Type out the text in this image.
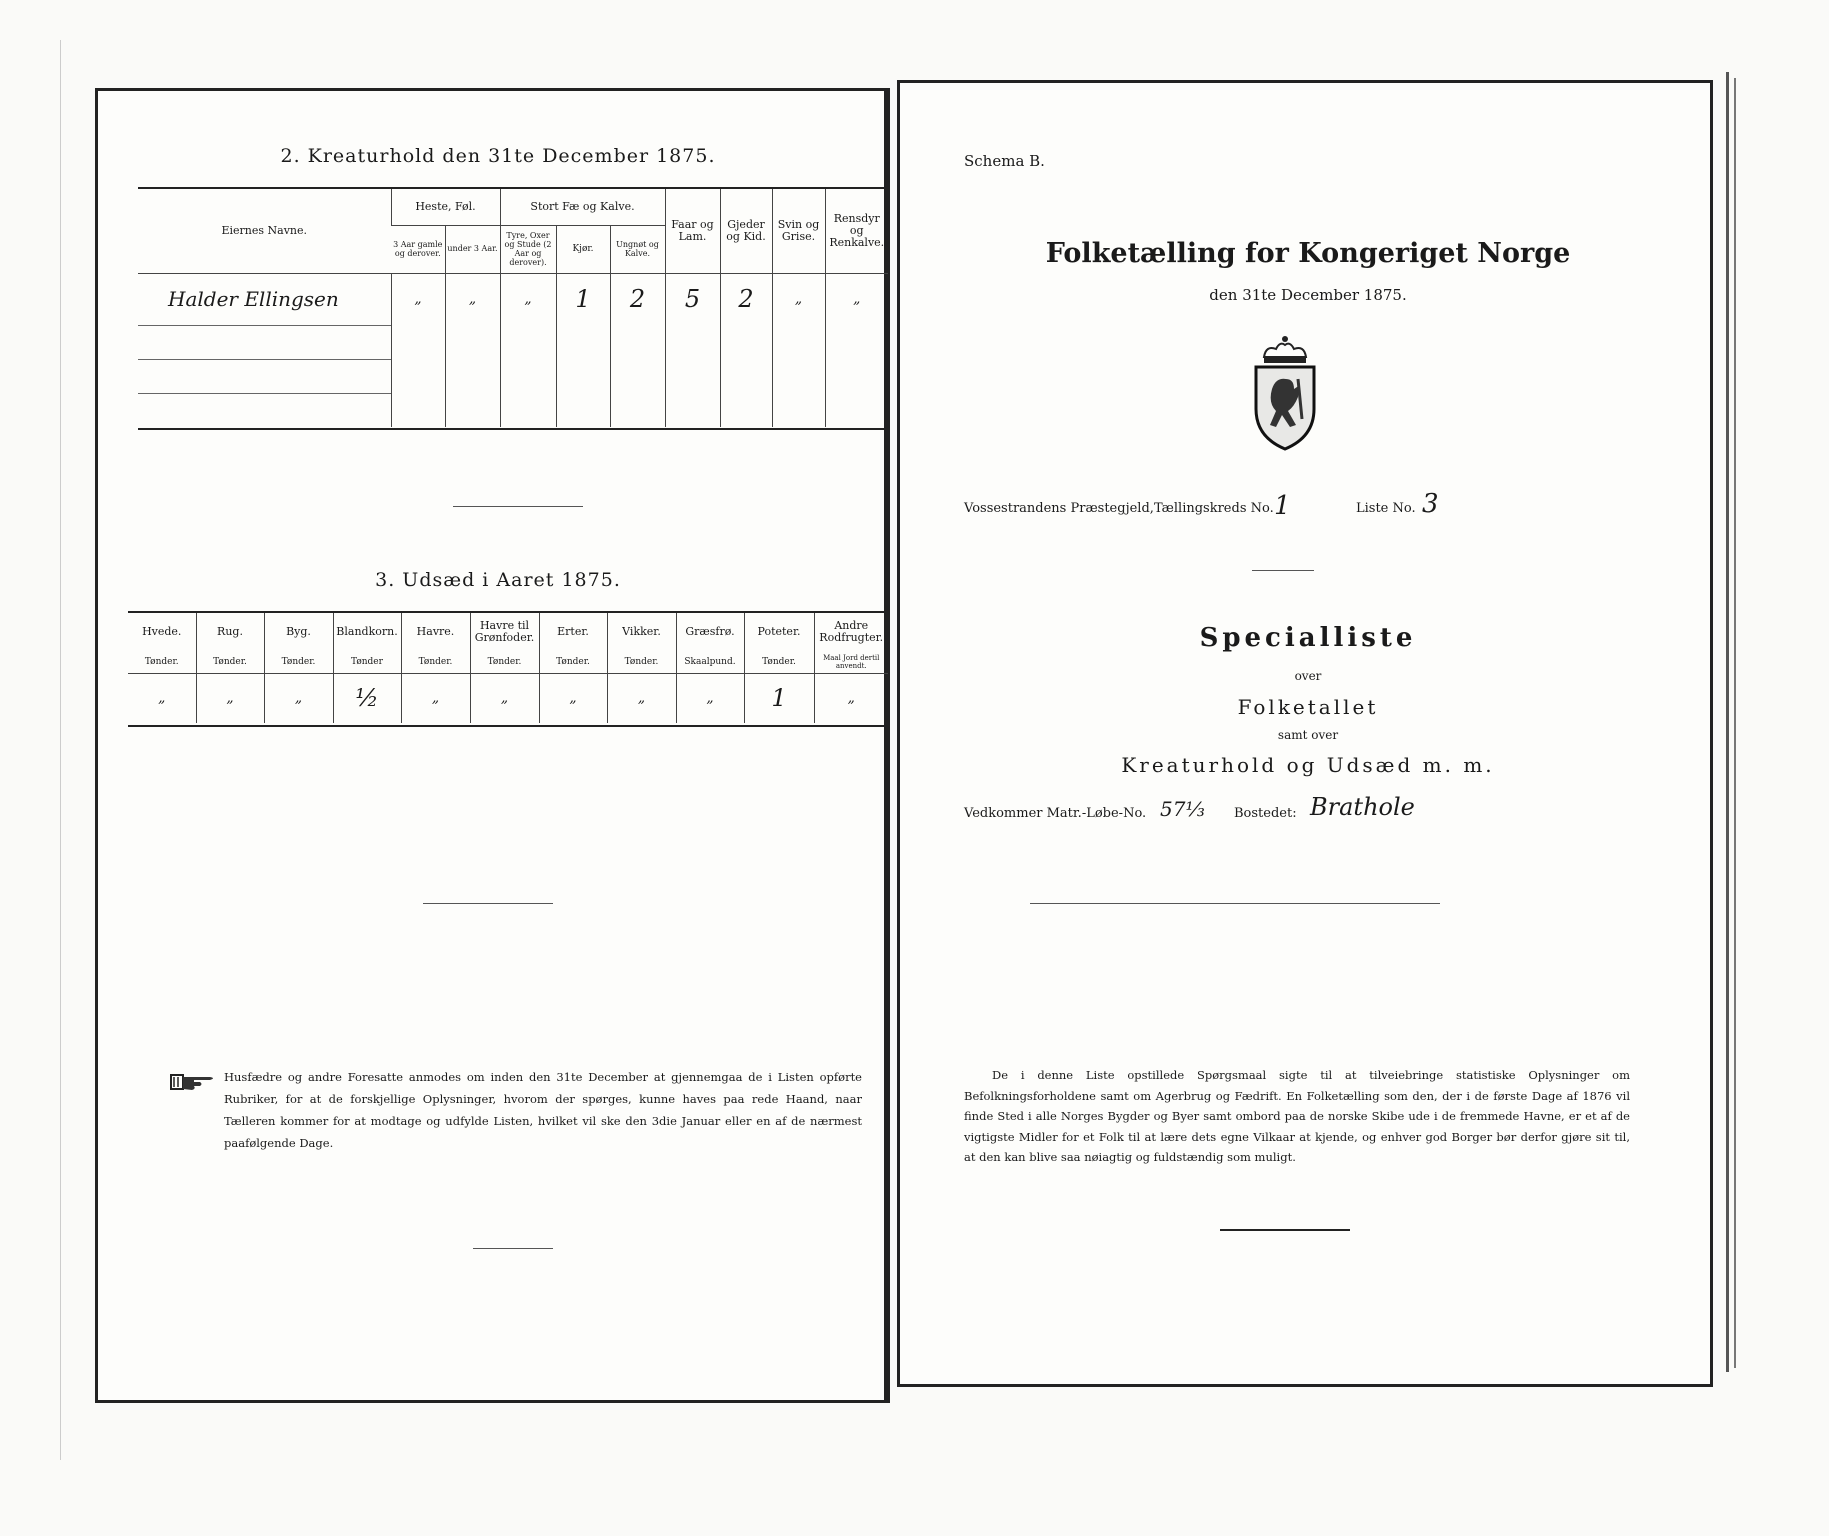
2. Kreaturhold den 31te December 1875.
Eiernes Navne.	Heste, Føl.		Stort Fæ og Kalve.			Faar og Lam.	Gjeder og Kid.	Svin og Grise.	Rensdyr og Renkalve.
	3 Aar gamle og derover.	under 3 Aar.	Tyre, Oxer og Stude (2 Aar og derover).	Kjør.	Ungnøt og Kalve.				
Halder Ellingsen	„	„	„	1	2	5	2	„	„

3. Udsæd i Aaret 1875.
Hvede.	Rug.	Byg.	Blandkorn.	Havre.	Havre til Grønfoder.	Erter.	Vikker.	Græsfrø.	Poteter.	Andre Rodfrugter.
Tønder.	Tønder.	Tønder.	Tønder	Tønder.	Tønder.	Tønder.	Tønder.	Skaalpund.	Tønder.	Maal Jord dertil anvendt.
„	„	„	½	„	„	„	„	„	1	„
Husfædre og andre Foresatte anmodes om inden den 31te December at gjennemgaa de i Listen opførte Rubriker, for at de forskjellige Oplysninger, hvorom der spørges, kunne haves paa rede Haand, naar Tælleren kommer for at modtage og udfylde Listen, hvilket vil ske den 3die Januar eller en af de nærmest paafølgende Dage.
Schema B.
Folketælling for Kongeriget Norge
den 31te December 1875.
Vossestrandens Præstegjeld, Tællingskreds No. 1	Liste No. 3
Specialliste
over
Folketallet
samt over
Kreaturhold og Udsæd m. m.
Vedkommer Matr.-Løbe-No. 57⅓ Bostedet: Brathole
De i denne Liste opstillede Spørgsmaal sigte til at tilveiebringe statistiske Oplysninger om Befolkningsforholdene samt om Agerbrug og Fædrift. En Folketælling som den, der i de første Dage af 1876 vil finde Sted i alle Norges Bygder og Byer samt ombord paa de norske Skibe ude i de fremmede Havne, er et af de vigtigste Midler for et Folk til at lære dets egne Vilkaar at kjende, og enhver god Borger bør derfor gjøre sit til, at den kan blive saa nøiagtig og fuldstændig som muligt.
